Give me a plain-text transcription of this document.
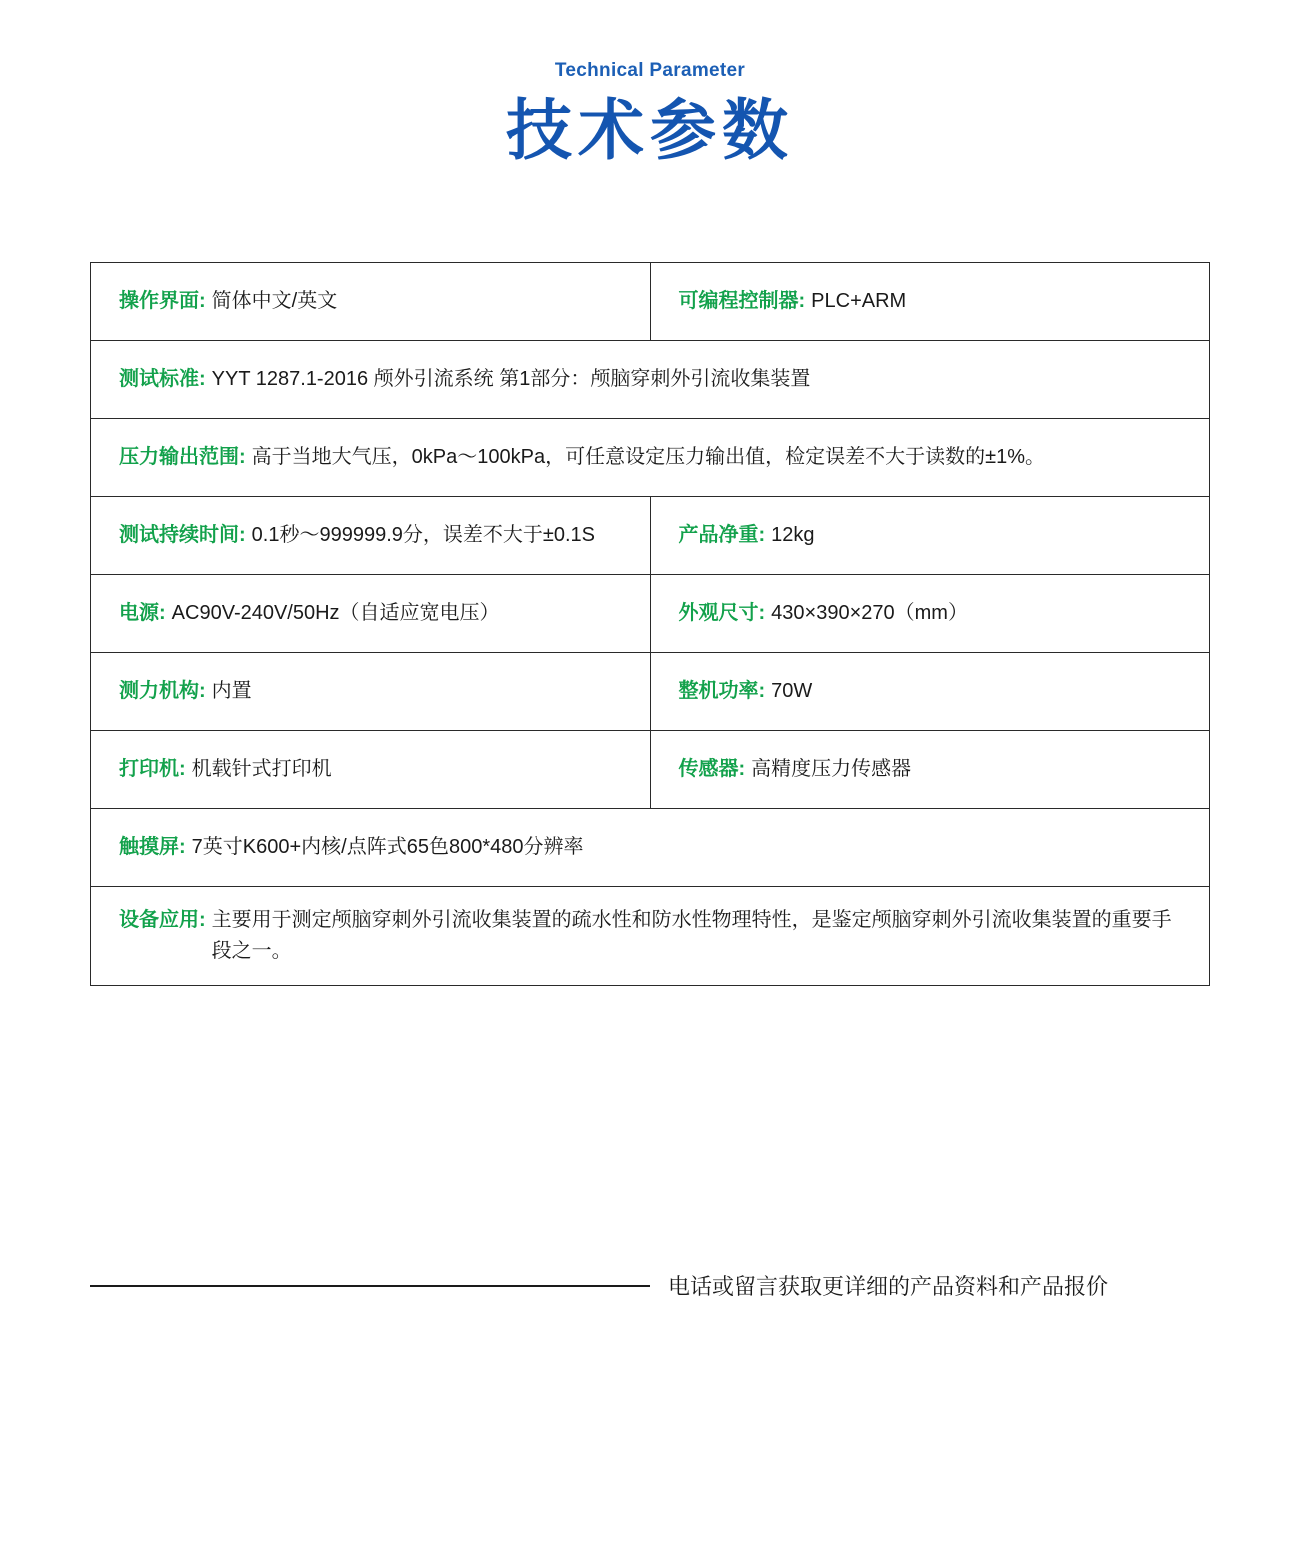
Technical Parameter
技术参数
操作界面: 简体中文/英文	可编程控制器: PLC+ARM

测试标准: YYT 1287.1-2016 颅外引流系统 第1部分：颅脑穿刺外引流收集装置	

压力输出范围: 高于当地大气压，0kPa～100kPa，可任意设定压力输出值，检定误差不大于读数的±1%。	

测试持续时间: 0.1秒～999999.9分，误差不大于±0.1S	产品净重: 12kg

电源: AC90V-240V/50Hz（自适应宽电压）	外观尺寸: 430×390×270（mm）

测力机构: 内置	整机功率: 70W

打印机: 机载针式打印机	传感器: 高精度压力传感器

触摸屏: 7英寸K600+内核/点阵式65色800*480分辨率	

设备应用: 主要用于测定颅脑穿刺外引流收集装置的疏水性和防水性物理特性，是鉴定颅脑穿刺外引流收集装置的重要手段之一。	
电话或留言获取更详细的产品资料和产品报价
